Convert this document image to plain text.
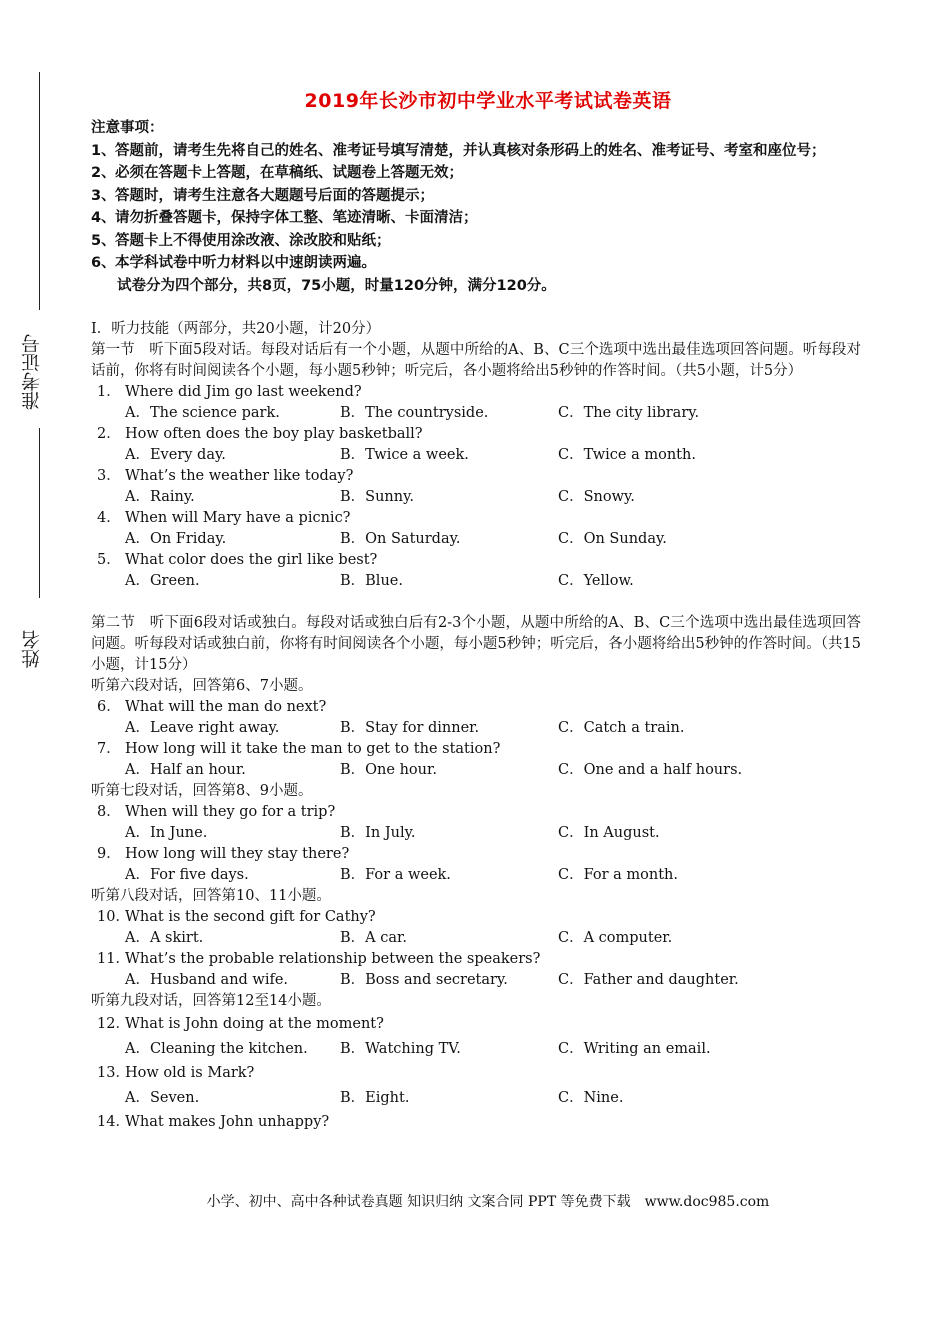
准考证号
姓名
2019年长沙市初中学业水平考试试卷英语
注意事项：
1、 答题前，请考生先将自己的姓名、准考证号填写清楚，并认真核对条形码上的姓名、准考证号、考室和座位号；
2、 必须在答题卡上答题，在草稿纸、试题卷上答题无效；
3、 答题时，请考生注意各大题题号后面的答题提示；
4、 请勿折叠答题卡，保持字体工整、笔迹清晰、卡面清洁；
5、 答题卡上不得使用涂改液、涂改胶和贴纸；
6、 本学科试卷中听力材料以中速朗读两遍。
试卷分为四个部分，共8页，75小题，时量120分钟，满分120分。
I．听力技能（两部分，共20小题，计20分）
第一节　听下面5段对话。每段对话后有一个小题，从题中所给的A、B、C三个选项中选出最佳选项回答问题。听每段对话前，你将有时间阅读各个小题，每小题5秒钟；听完后，各小题将给出5秒钟的作答时间。（共5小题，计5分）
1． Where did Jim go last weekend?
A．The science park.	B．The countryside.	C．The city library.
2． How often does the boy play basketball?
A．Every day.	B．Twice a week.	C．Twice a month.
3． What’s the weather like today?
A．Rainy.	B．Sunny.	C．Snowy.
4． When will Mary have a picnic?
A．On Friday.	B．On Saturday.	C．On Sunday.
5． What color does the girl like best?
A．Green.	B．Blue.	C．Yellow.
第二节　听下面6段对话或独白。每段对话或独白后有2-3个小题，从题中所给的A、B、C三个选项中选出最佳选项回答问题。听每段对话或独白前，你将有时间阅读各个小题，每小题5秒钟；听完后，各小题将给出5秒钟的作答时间。（共15小题，计15分）
听第六段对话，回答第6、7小题。
6． What will the man do next?
A．Leave right away.	B．Stay for dinner.	C．Catch a train.
7． How long will it take the man to get to the station?
A．Half an hour.	B．One hour.	C．One and a half hours.
听第七段对话，回答第8、9小题。
8． When will they go for a trip?
A．In June.	B．In July.	C．In August.
9． How long will they stay there?
A．For five days.	B．For a week.	C．For a month.
听第八段对话，回答第10、11小题。
10．
What is the second gift for Cathy?
A．A skirt.	B．A car.	C．A computer.
11．
What’s the probable relationship between the speakers?
A．Husband and wife.	B．Boss and secretary.	C．Father and daughter.
听第九段对话，回答第12至14小题。
12．
What is John doing at the moment?
A．Cleaning the kitchen.	B．Watching TV.	C．Writing an email.
13．
How old is Mark?
A．Seven.	B．Eight.	C．Nine.
14．
What makes John unhappy?
小学、初中、高中各种试卷真题 知识归纳 文案合同 PPT 等免费下载　www.doc985.com
